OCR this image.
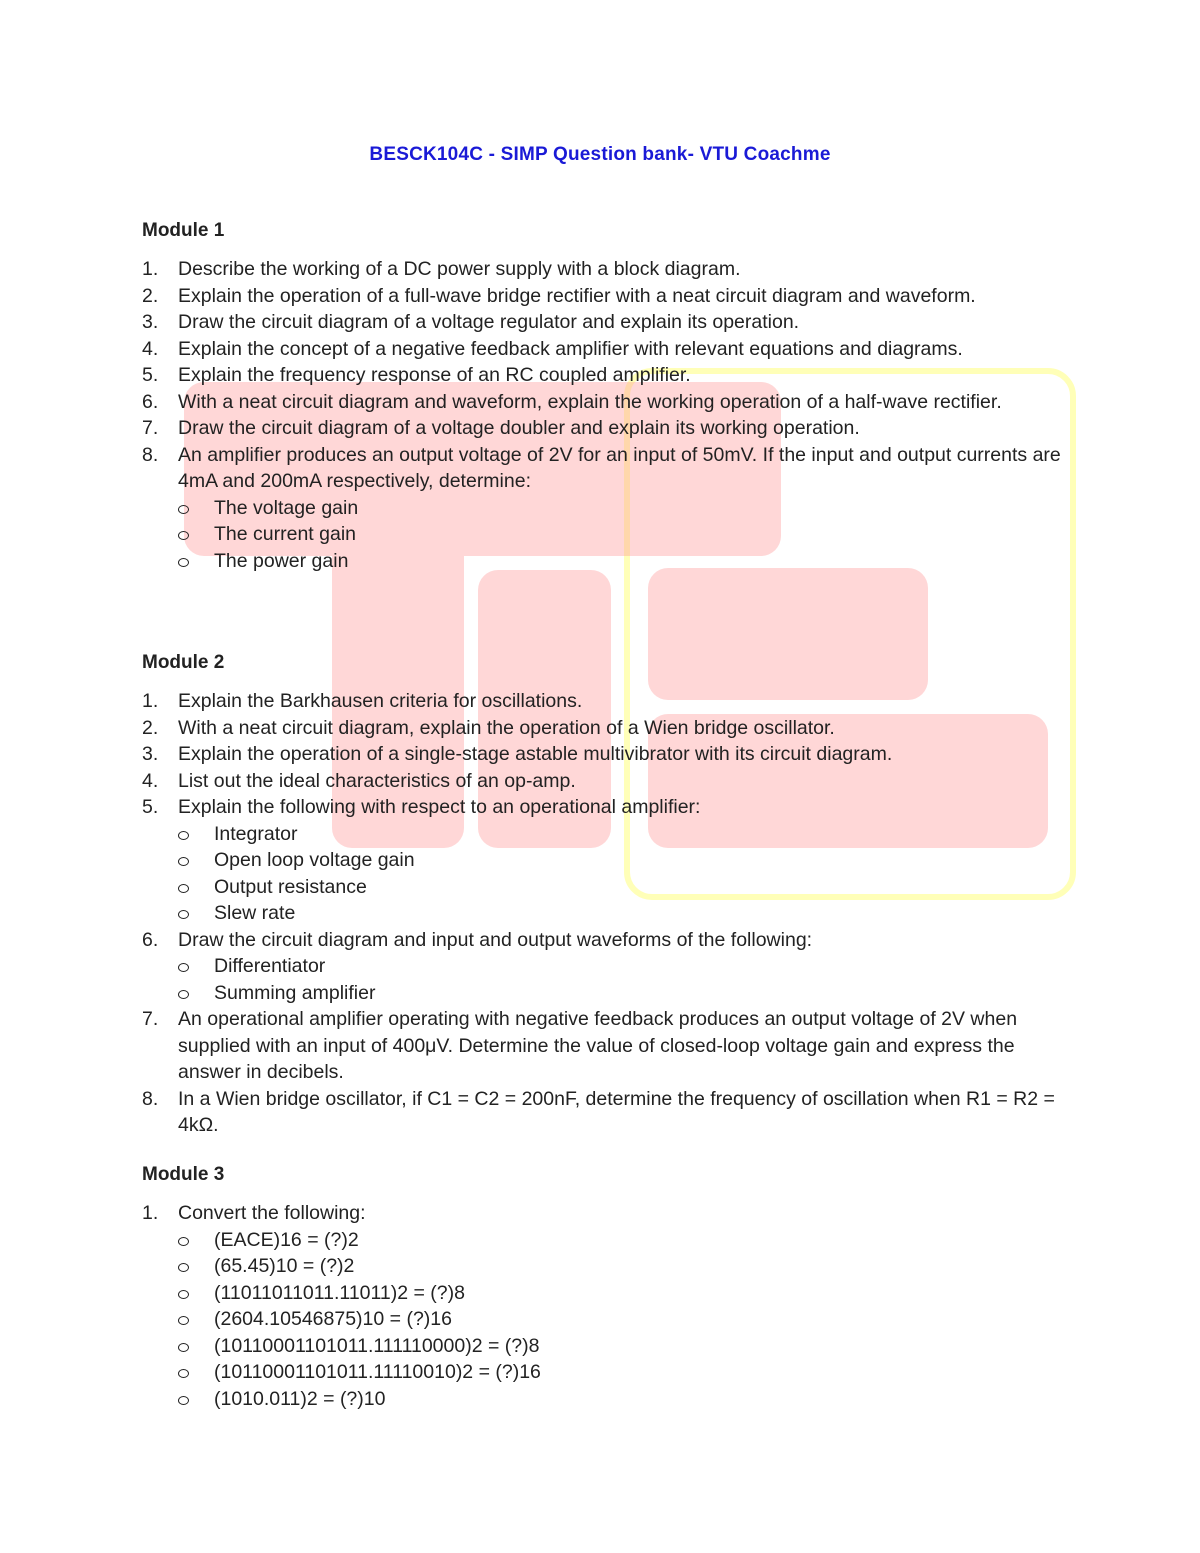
BESCK104C - SIMP Question bank- VTU Coachme
Module 1
1.	Describe the working of a DC power supply with a block diagram.
2.	Explain the operation of a full-wave bridge rectifier with a neat circuit diagram and waveform.
3.	Draw the circuit diagram of a voltage regulator and explain its operation.
4.	Explain the concept of a negative feedback amplifier with relevant equations and diagrams.
5.	Explain the frequency response of an RC coupled amplifier.
6.	With a neat circuit diagram and waveform, explain the working operation of a half-wave rectifier.
7.	Draw the circuit diagram of a voltage doubler and explain its working operation.
8.	An amplifier produces an output voltage of 2V for an input of 50mV. If the input and output currents are 4mA and 200mA respectively, determine:
The voltage gain
The current gain
The power gain
Module 2
1.	Explain the Barkhausen criteria for oscillations.
2.	With a neat circuit diagram, explain the operation of a Wien bridge oscillator.
3.	Explain the operation of a single-stage astable multivibrator with its circuit diagram.
4.	List out the ideal characteristics of an op-amp.
5.	Explain the following with respect to an operational amplifier:
Integrator
Open loop voltage gain
Output resistance
Slew rate
6.	Draw the circuit diagram and input and output waveforms of the following:
Differentiator
Summing amplifier
7.	An operational amplifier operating with negative feedback produces an output voltage of 2V when supplied with an input of 400μV. Determine the value of closed-loop voltage gain and express the answer in decibels.
8.	In a Wien bridge oscillator, if C1 = C2 = 200nF, determine the frequency of oscillation when R1 = R2 = 4kΩ.
Module 3
1.	Convert the following:
(EACE)16 = (?)2
(65.45)10 = (?)2
(11011011011.11011)2 = (?)8
(2604.10546875)10 = (?)16
(10110001101011.111110000)2 = (?)8
(10110001101011.11110010)2 = (?)16
(1010.011)2 = (?)10
